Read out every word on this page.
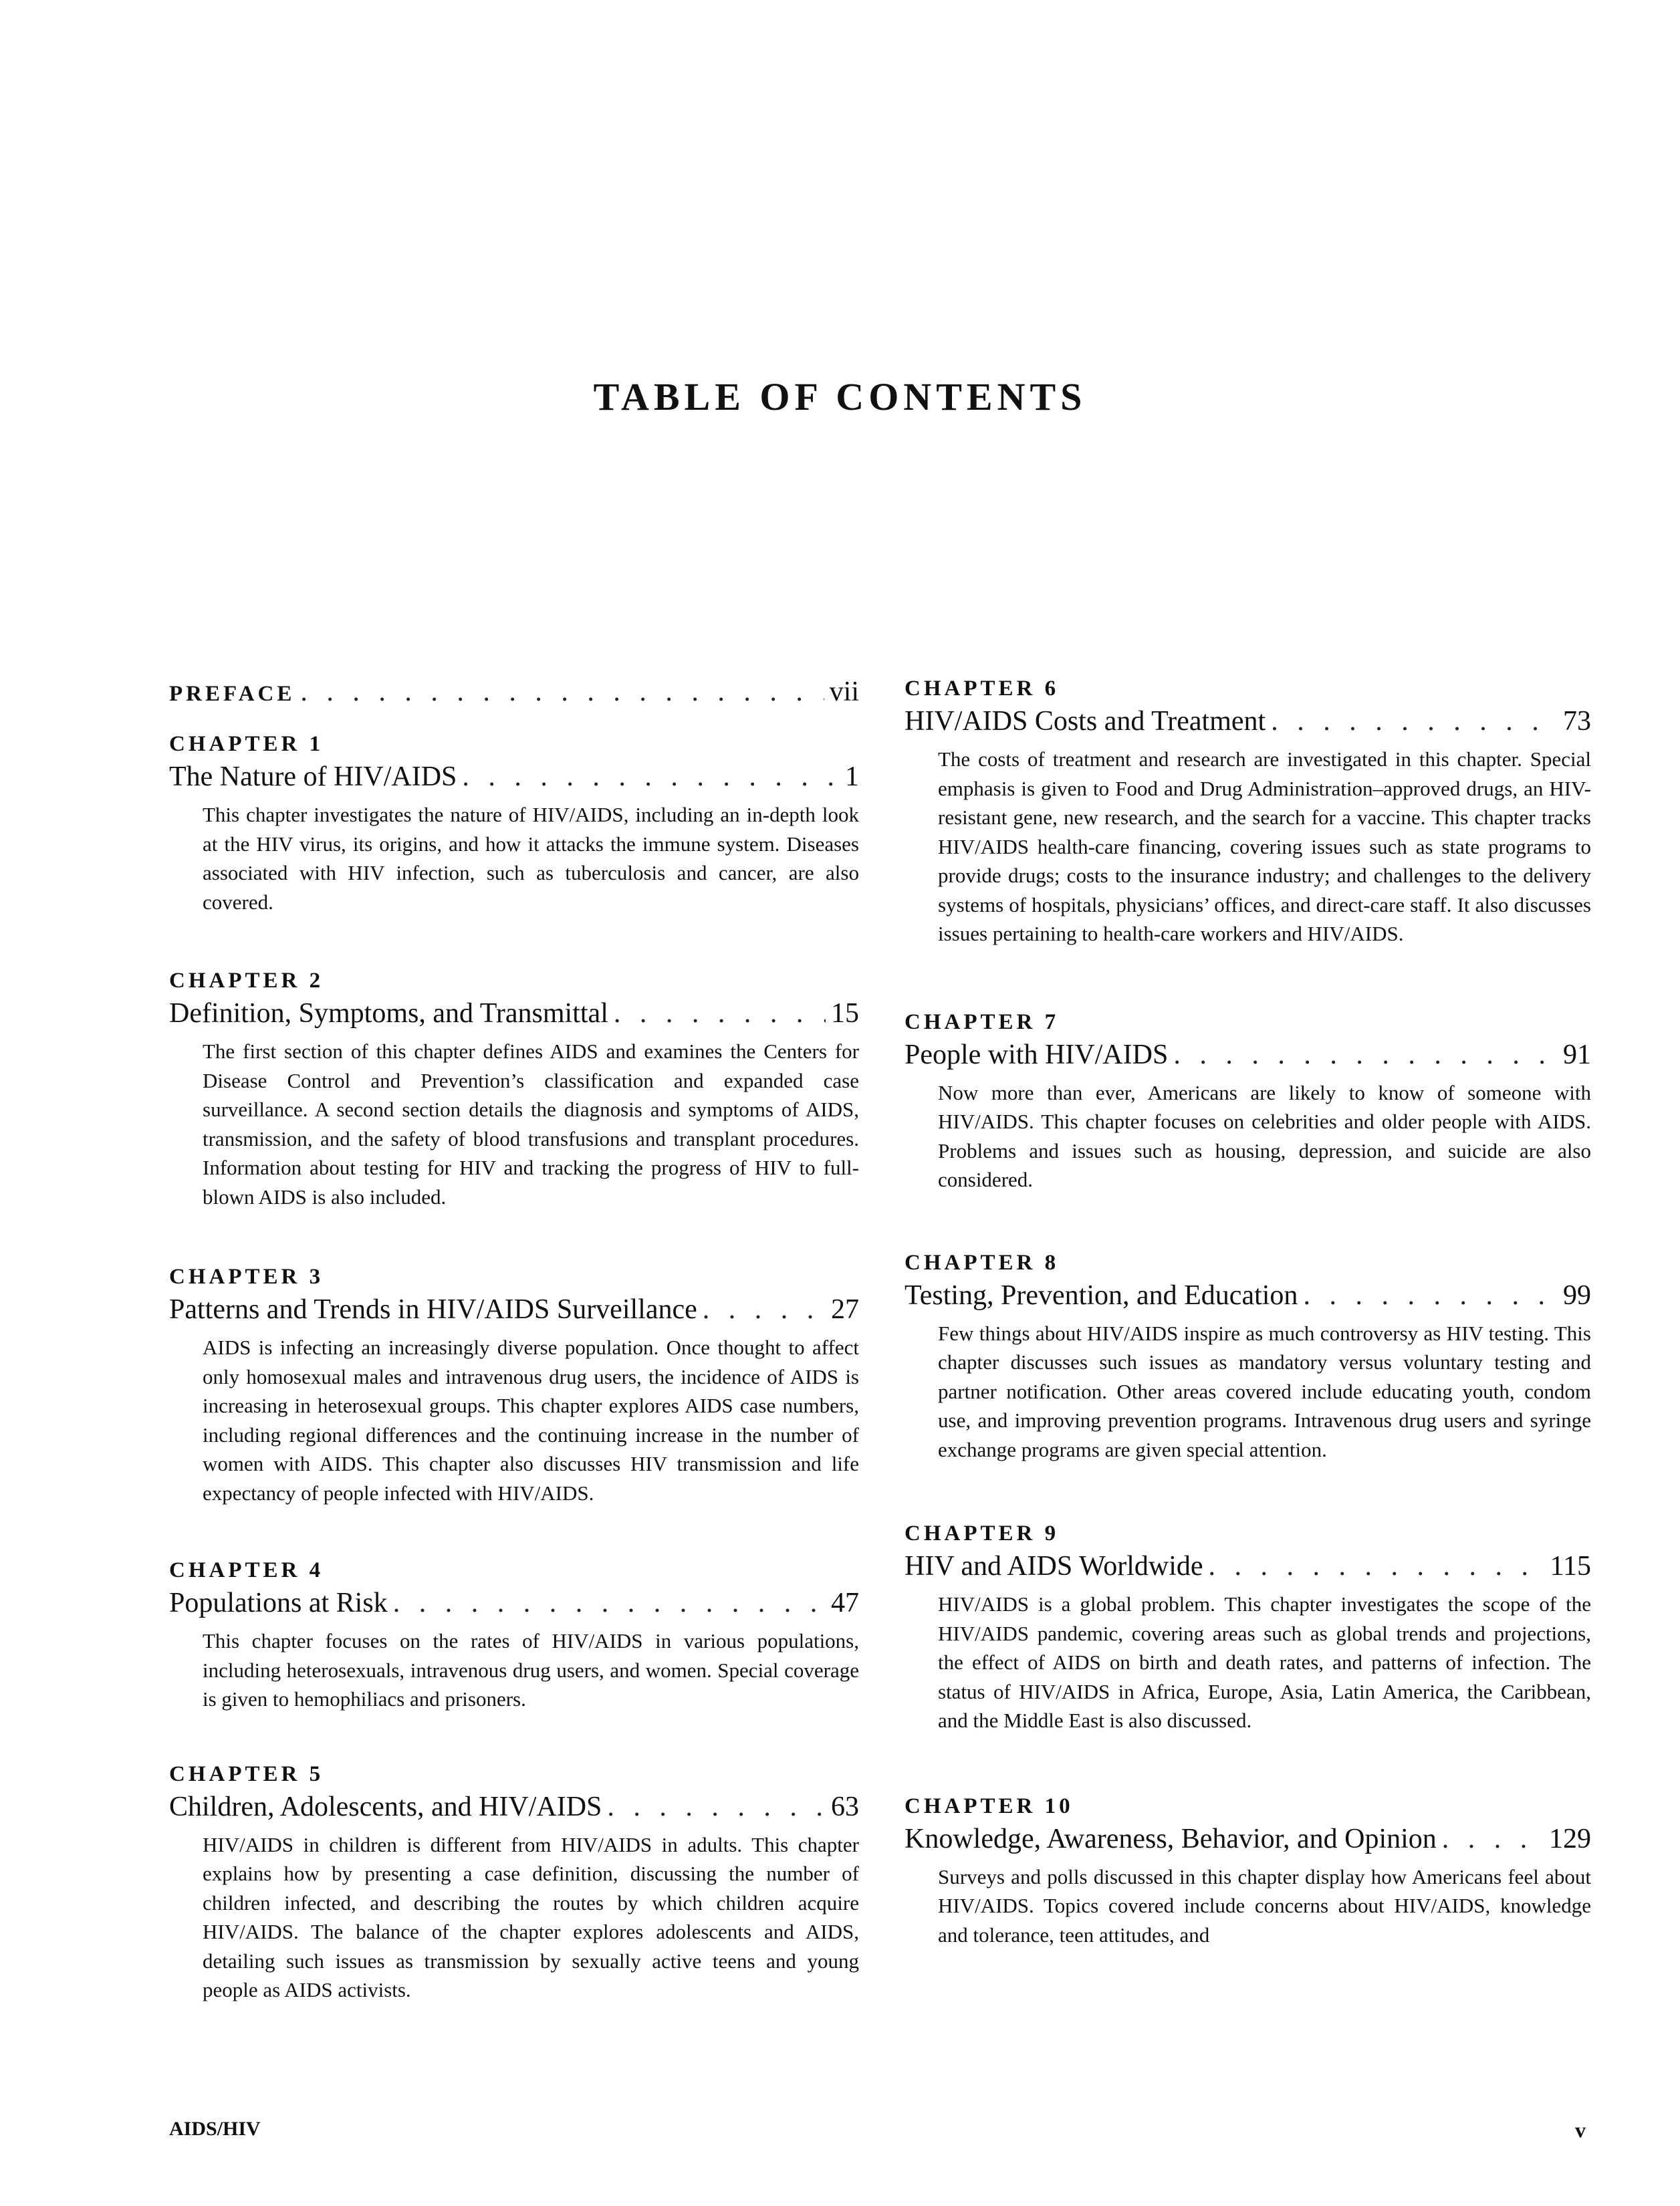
TABLE OF CONTENTS
PREFACE . . .	vii
CHAPTER 1
The Nature of HIV/AIDS . . .	1
This chapter investigates the nature of HIV/AIDS, including an in-depth look at the HIV virus, its origins, and how it attacks the immune system. Diseases associated with HIV infection, such as tuberculosis and cancer, are also covered.
CHAPTER 2
Definition, Symptoms, and Transmittal . . .	15
The first section of this chapter defines AIDS and examines the Centers for Disease Control and Prevention’s classification and expanded case surveillance. A second section details the diagnosis and symptoms of AIDS, transmission, and the safety of blood transfusions and transplant procedures. Information about testing for HIV and tracking the progress of HIV to full-blown AIDS is also included.
CHAPTER 3
Patterns and Trends in HIV/AIDS Surveillance . . .	27
AIDS is infecting an increasingly diverse population. Once thought to affect only homosexual males and intravenous drug users, the incidence of AIDS is increasing in heterosexual groups. This chapter explores AIDS case numbers, including regional differences and the continuing increase in the number of women with AIDS. This chapter also discusses HIV transmission and life expectancy of people infected with HIV/AIDS.
CHAPTER 4
Populations at Risk . . .	47
This chapter focuses on the rates of HIV/AIDS in various populations, including heterosexuals, intravenous drug users, and women. Special coverage is given to hemophiliacs and prisoners.
CHAPTER 5
Children, Adolescents, and HIV/AIDS . . .	63
HIV/AIDS in children is different from HIV/AIDS in adults. This chapter explains how by presenting a case definition, discussing the number of children infected, and describing the routes by which children acquire HIV/AIDS. The balance of the chapter explores adolescents and AIDS, detailing such issues as transmission by sexually active teens and young people as AIDS activists.
CHAPTER 6
HIV/AIDS Costs and Treatment . . .	73
The costs of treatment and research are investigated in this chapter. Special emphasis is given to Food and Drug Administration–approved drugs, an HIV-resistant gene, new research, and the search for a vaccine. This chapter tracks HIV/AIDS health-care financing, covering issues such as state programs to provide drugs; costs to the insurance industry; and challenges to the delivery systems of hospitals, physicians’ offices, and direct-care staff. It also discusses issues pertaining to health-care workers and HIV/AIDS.
CHAPTER 7
People with HIV/AIDS . . .	91
Now more than ever, Americans are likely to know of someone with HIV/AIDS. This chapter focuses on celebrities and older people with AIDS. Problems and issues such as housing, depression, and suicide are also considered.
CHAPTER 8
Testing, Prevention, and Education . . .	99
Few things about HIV/AIDS inspire as much controversy as HIV testing. This chapter discusses such issues as mandatory versus voluntary testing and partner notification. Other areas covered include educating youth, condom use, and improving prevention programs. Intravenous drug users and syringe exchange programs are given special attention.
CHAPTER 9
HIV and AIDS Worldwide . . .	115
HIV/AIDS is a global problem. This chapter investigates the scope of the HIV/AIDS pandemic, covering areas such as global trends and projections, the effect of AIDS on birth and death rates, and patterns of infection. The status of HIV/AIDS in Africa, Europe, Asia, Latin America, the Caribbean, and the Middle East is also discussed.
CHAPTER 10
Knowledge, Awareness, Behavior, and Opinion . . .	129
Surveys and polls discussed in this chapter display how Americans feel about HIV/AIDS. Topics covered include concerns about HIV/AIDS, knowledge and tolerance, teen attitudes, and
AIDS/HIV	v
